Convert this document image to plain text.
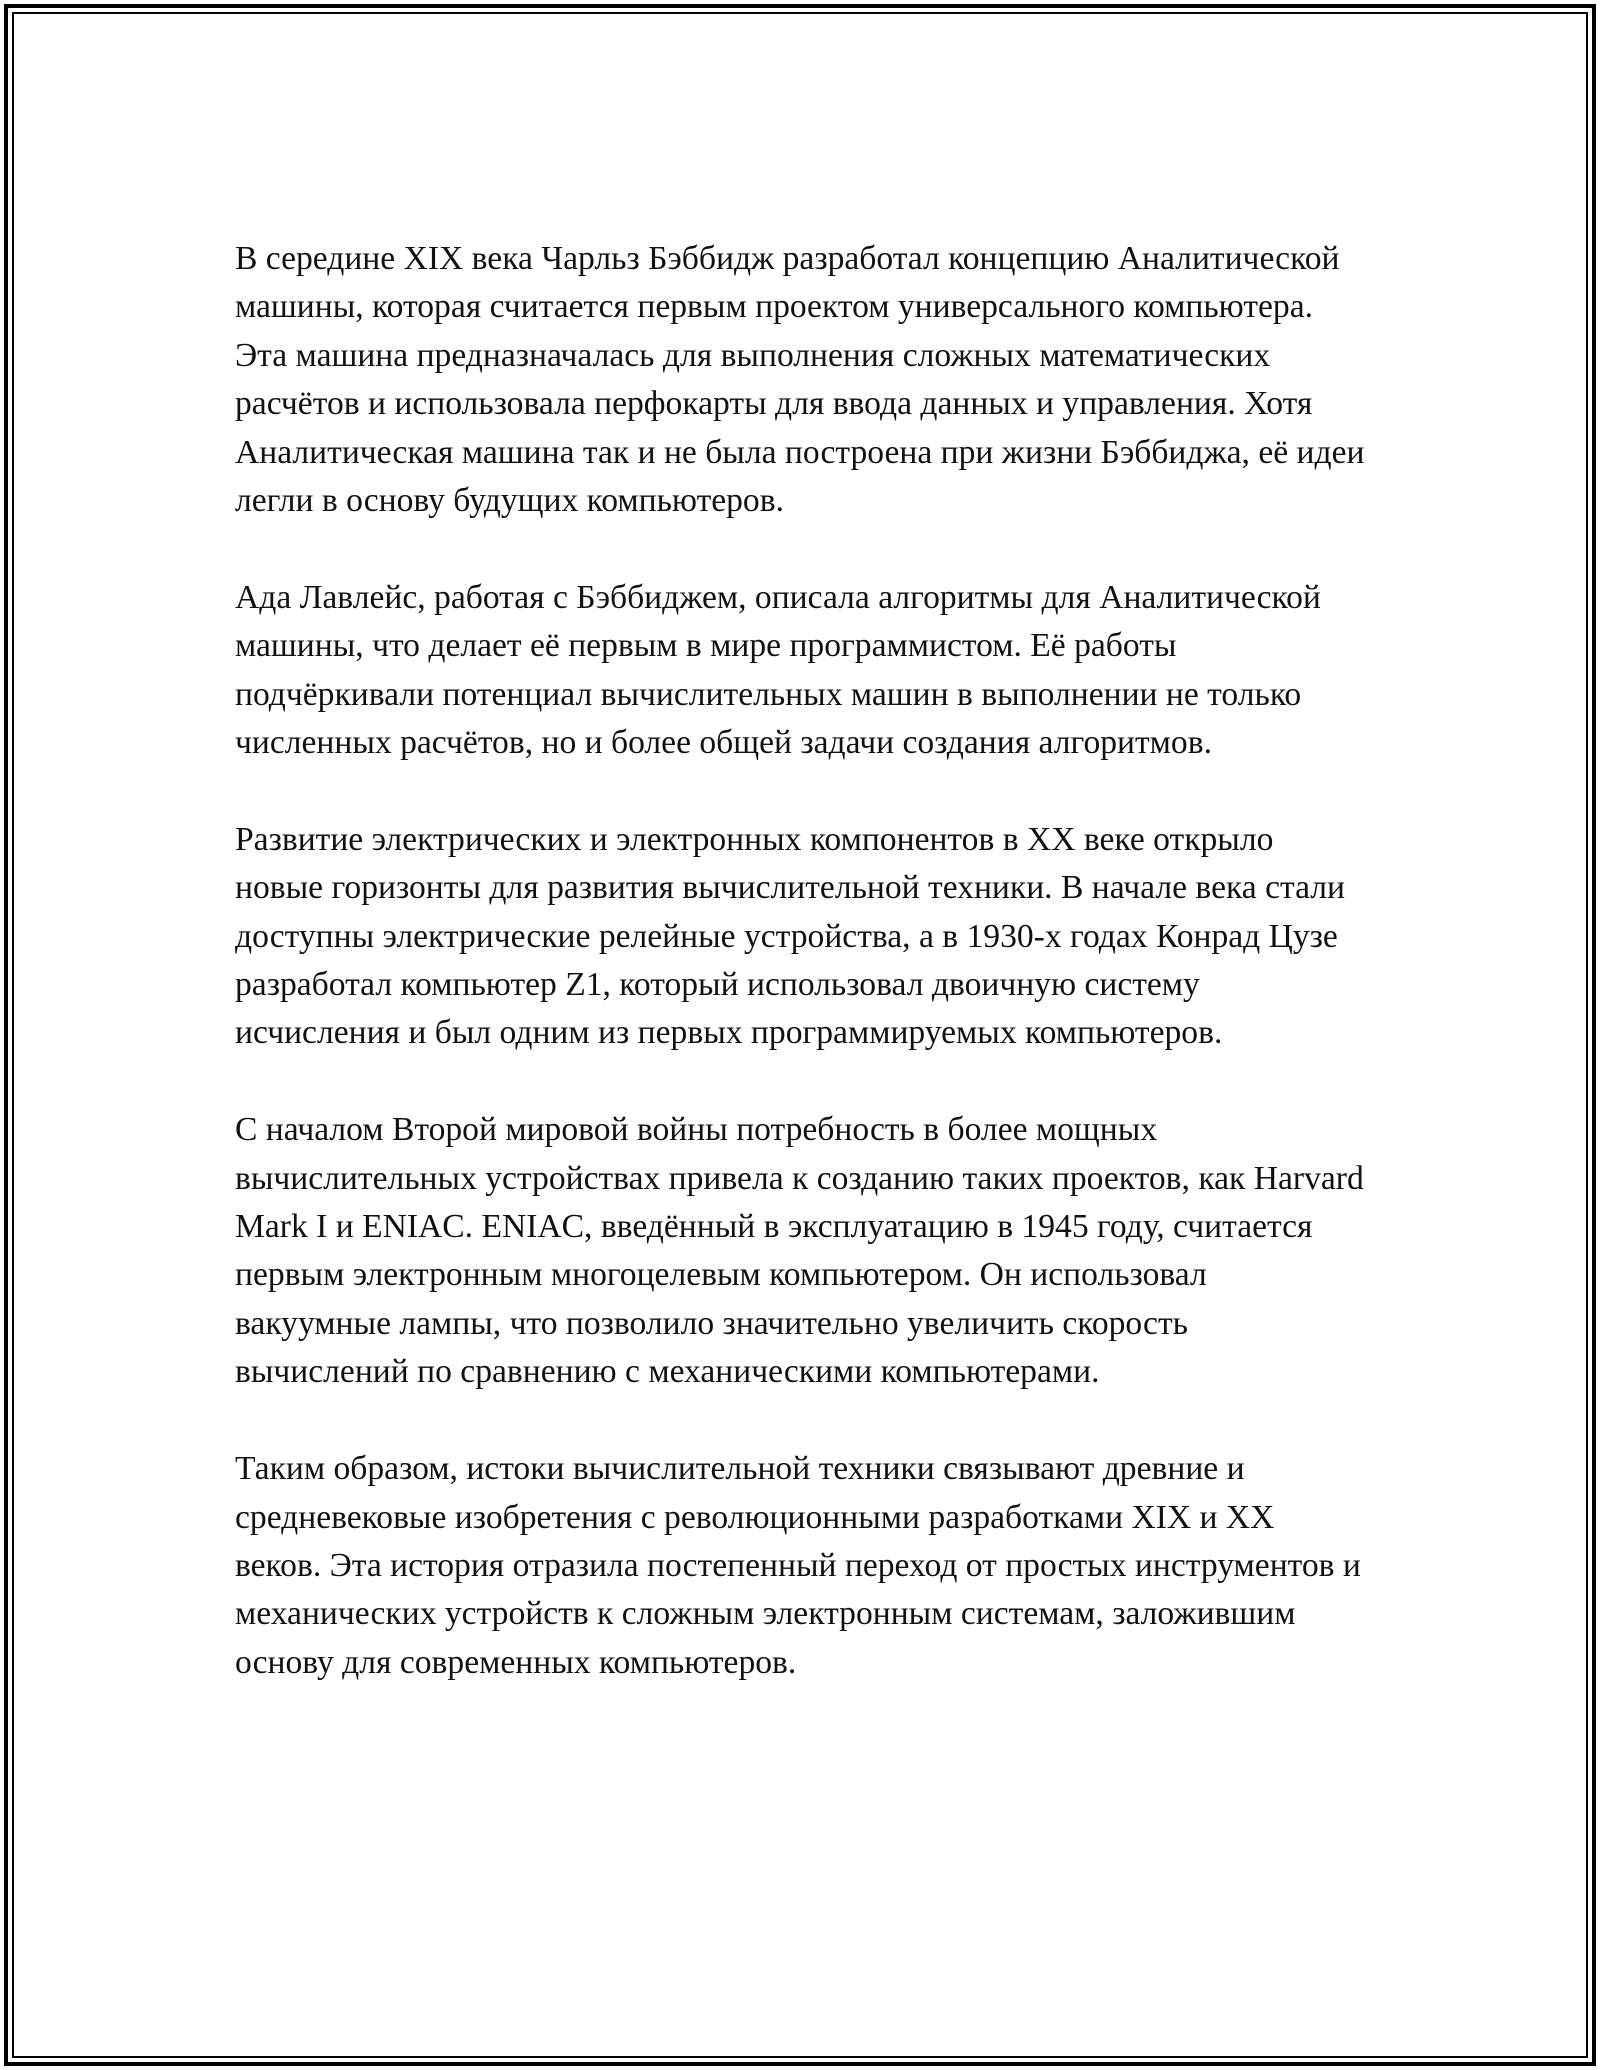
В середине XIX века Чарльз Бэббидж разработал концепцию Аналитической машины, которая считается первым проектом универсального компьютера. Эта машина предназначалась для выполнения сложных математических расчётов и использовала перфокарты для ввода данных и управления. Хотя Аналитическая машина так и не была построена при жизни Бэббиджа, её идеи легли в основу будущих компьютеров.

Ада Лавлейс, работая с Бэббиджем, описала алгоритмы для Аналитической машины, что делает её первым в мире программистом. Её работы подчёркивали потенциал вычислительных машин в выполнении не только численных расчётов, но и более общей задачи создания алгоритмов.

Развитие электрических и электронных компонентов в XX веке открыло новые горизонты для развития вычислительной техники. В начале века стали доступны электрические релейные устройства, а в 1930-х годах Конрад Цузе разработал компьютер Z1, который использовал двоичную систему исчисления и был одним из первых программируемых компьютеров.

С началом Второй мировой войны потребность в более мощных вычислительных устройствах привела к созданию таких проектов, как Harvard Mark I и ENIAC. ENIAC, введённый в эксплуатацию в 1945 году, считается первым электронным многоцелевым компьютером. Он использовал вакуумные лампы, что позволило значительно увеличить скорость вычислений по сравнению с механическими компьютерами.

Таким образом, истоки вычислительной техники связывают древние и средневековые изобретения с революционными разработками XIX и XX веков. Эта история отразила постепенный переход от простых инструментов и механических устройств к сложным электронным системам, заложившим основу для современных компьютеров.
